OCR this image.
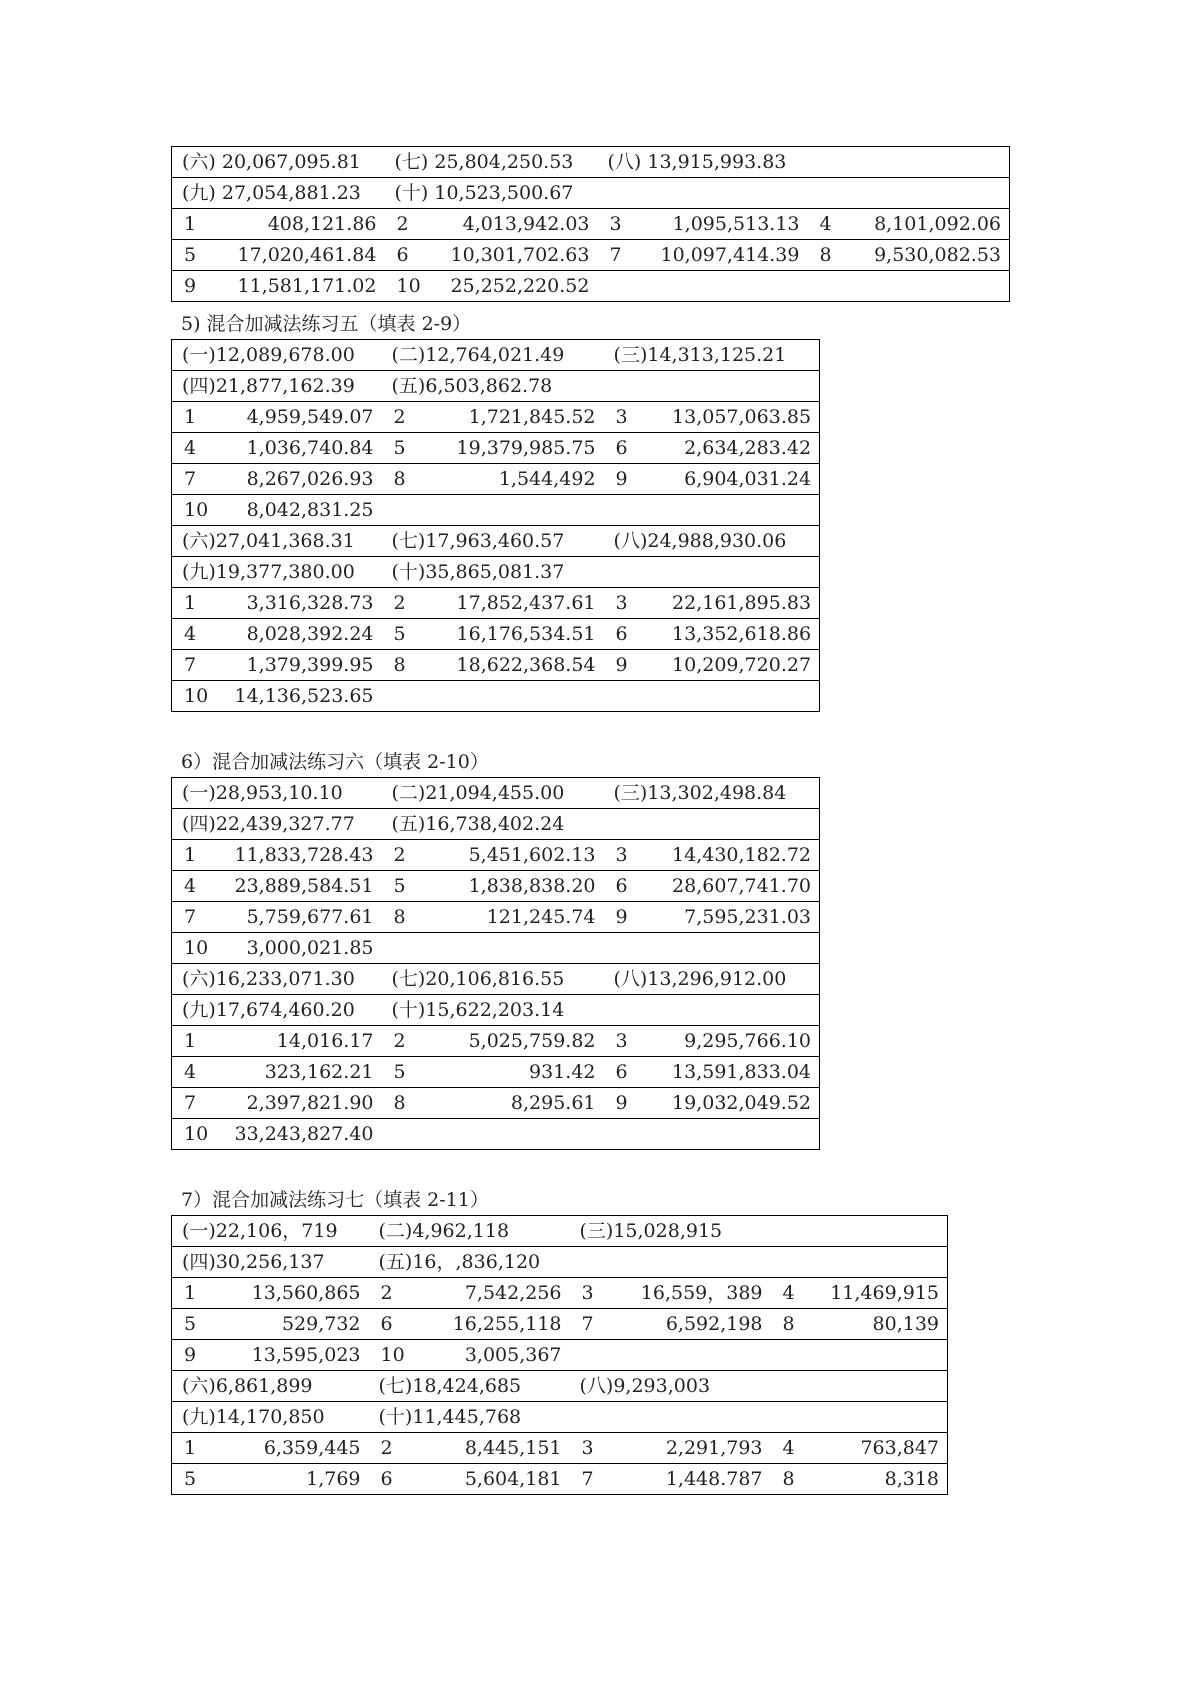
(六) 20,067,095.81		(七) 25,804,250.53		(八) 13,915,993.83			
(九) 27,054,881.23		(十) 10,523,500.67					
1	408,121.86	2	4,013,942.03	3	1,095,513.13	4	8,101,092.06
5	17,020,461.84	6	10,301,702.63	7	10,097,414.39	8	9,530,082.53
9	11,581,171.02	10	25,252,220.52				
5) 混合加减法练习五（填表 2-9）
(一)12,089,678.00		(二)12,764,021.49		(三)14,313,125.21	
(四)21,877,162.39		(五)6,503,862.78			
1	4,959,549.07	2	1,721,845.52	3	13,057,063.85
4	1,036,740.84	5	19,379,985.75	6	2,634,283.42
7	8,267,026.93	8	1,544,492	9	6,904,031.24
10	8,042,831.25				
(六)27,041,368.31		(七)17,963,460.57		(八)24,988,930.06	
(九)19,377,380.00		(十)35,865,081.37			
1	3,316,328.73	2	17,852,437.61	3	22,161,895.83
4	8,028,392.24	5	16,176,534.51	6	13,352,618.86
7	1,379,399.95	8	18,622,368.54	9	10,209,720.27
10	14,136,523.65				
6）混合加减法练习六（填表 2-10）
(一)28,953,10.10		(二)21,094,455.00		(三)13,302,498.84	
(四)22,439,327.77		(五)16,738,402.24			
1	11,833,728.43	2	5,451,602.13	3	14,430,182.72
4	23,889,584.51	5	1,838,838.20	6	28,607,741.70
7	5,759,677.61	8	121,245.74	9	7,595,231.03
10	3,000,021.85				
(六)16,233,071.30		(七)20,106,816.55		(八)13,296,912.00	
(九)17,674,460.20		(十)15,622,203.14			
1	14,016.17	2	5,025,759.82	3	9,295,766.10
4	323,162.21	5	931.42	6	13,591,833.04
7	2,397,821.90	8	8,295.61	9	19,032,049.52
10	33,243,827.40				
7）混合加减法练习七（填表 2-11）
(一)22,106，719		(二)4,962,118		(三)15,028,915			
(四)30,256,137		(五)16，,836,120					
1	13,560,865	2	7,542,256	3	16,559，389	4	11,469,915
5	529,732	6	16,255,118	7	6,592,198	8	80,139
9	13,595,023	10	3,005,367				
(六)6,861,899		(七)18,424,685		(八)9,293,003			
(九)14,170,850		(十)11,445,768					
1	6,359,445	2	8,445,151	3	2,291,793	4	763,847
5	1,769	6	5,604,181	7	1,448.787	8	8,318
